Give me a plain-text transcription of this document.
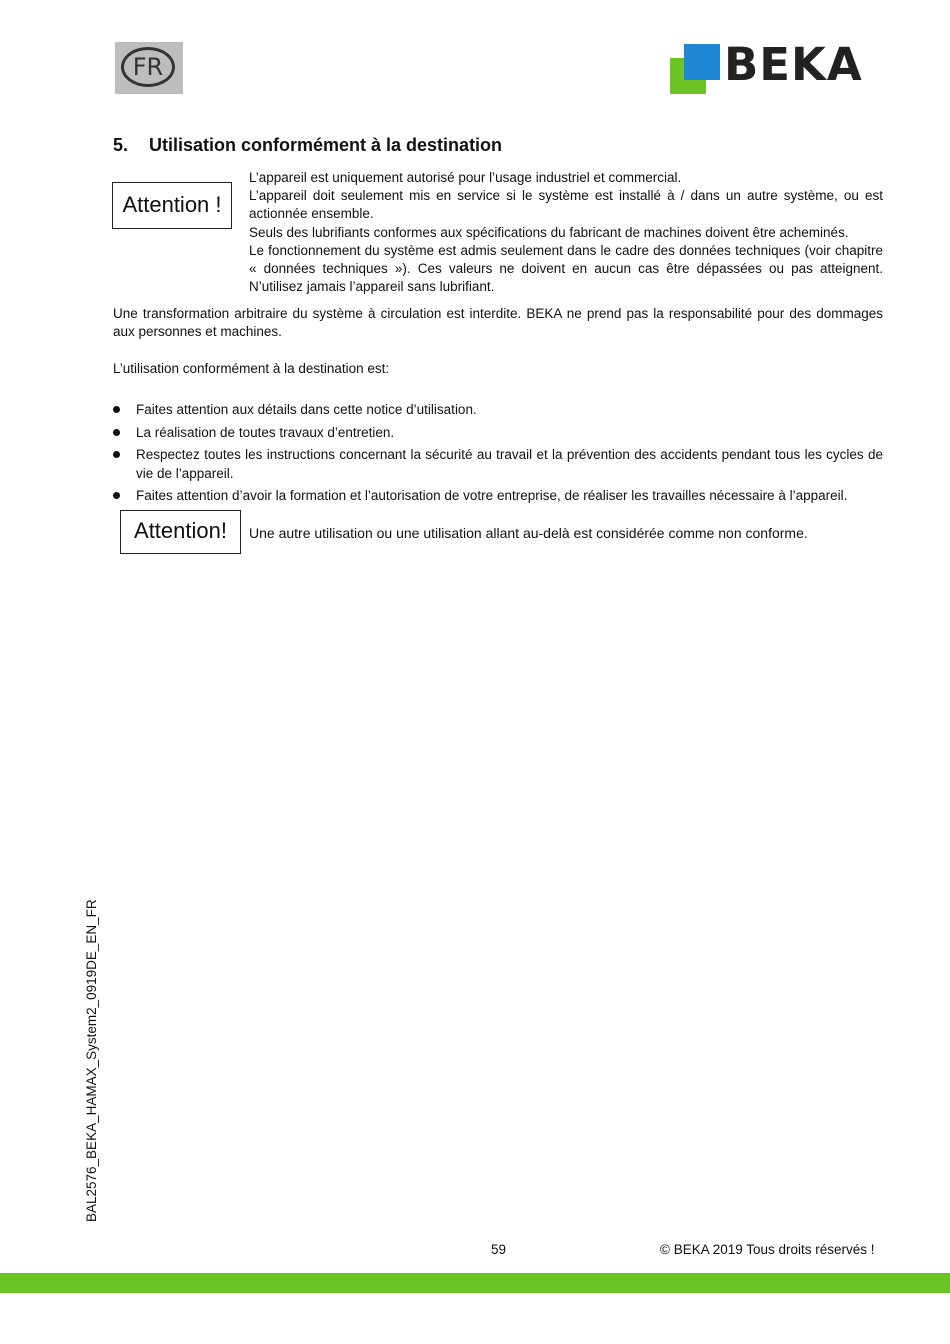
FR	BEKA
5. Utilisation conformément à la destination
Attention !

L’appareil est uniquement autorisé pour l’usage industriel et commercial.

L’appareil doit seulement mis en service si le système est installé à / dans un autre système, ou est actionnée ensemble.

Seuls des lubrifiants conformes aux spécifications du fabricant de machines doivent être acheminés.

Le fonctionnement du système est admis seulement dans le cadre des données techniques (voir chapitre « données techniques »). Ces valeurs ne doivent en aucun cas être dépassées ou pas atteignent. N’utilisez jamais l’appareil sans lubrifiant.

Une transformation arbitraire du système à circulation est interdite. BEKA ne prend pas la responsabilité pour des dommages aux personnes et machines.

L’utilisation conformément à la destination est:

Faites attention aux détails dans cette notice d’utilisation.
La réalisation de toutes travaux d’entretien.
Respectez toutes les instructions concernant la sécurité au travail et la prévention des accidents pendant tous les cycles de vie de l’appareil.
Faites attention d’avoir la formation et l’autorisation de votre entreprise, de réaliser les travailles nécessaire à l’appareil.
Attention!	Une autre utilisation ou une utilisation allant au-delà est considérée comme non conforme.

BAL2576_BEKA_HAMAX_System2_0919DE_EN_FR
59	© BEKA 2019 Tous droits réservés !
